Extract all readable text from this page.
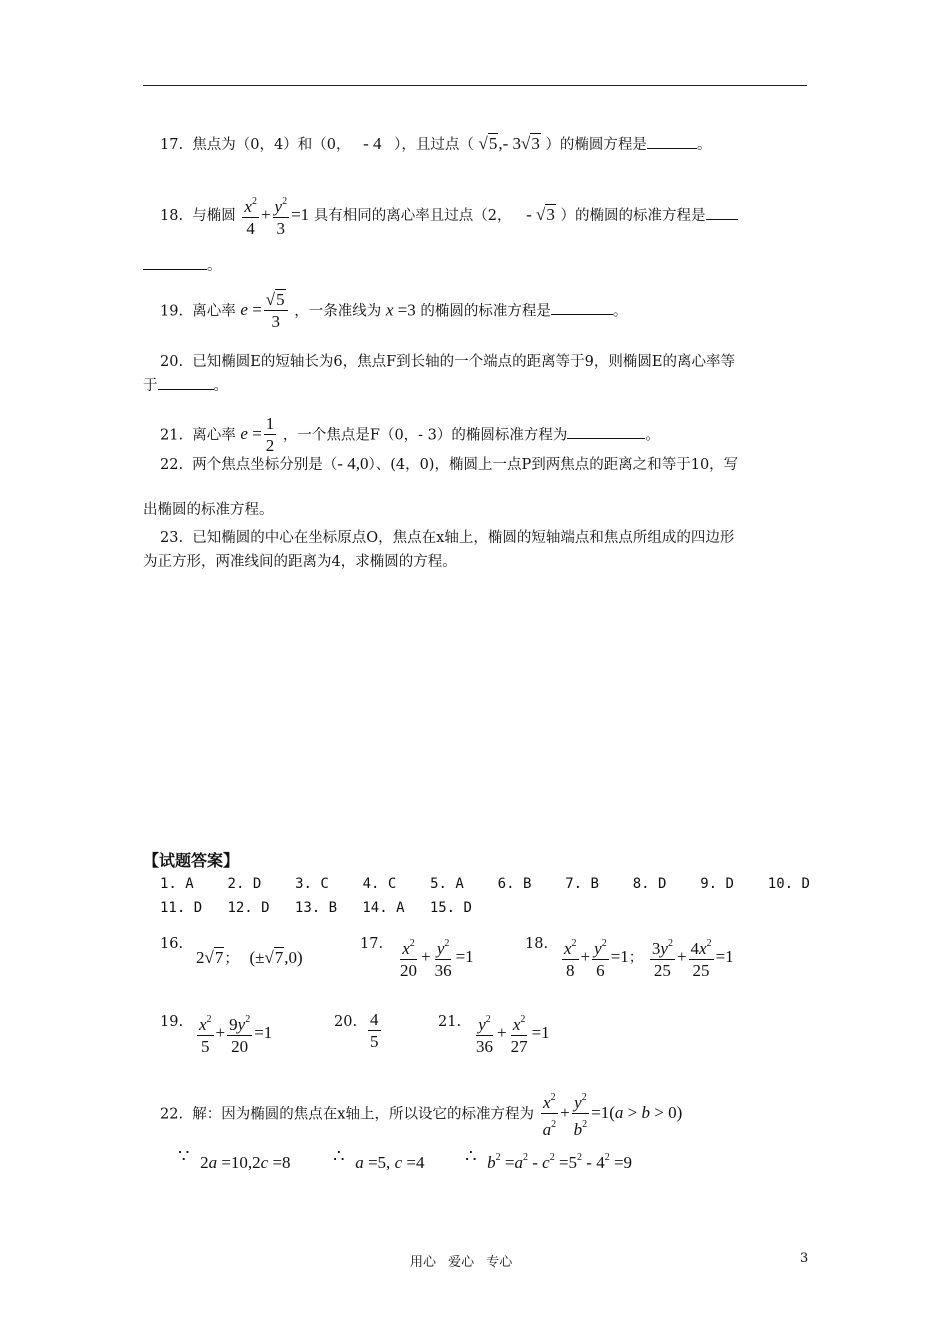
17. 焦点为（0，4）和（0， - 4 ），且过点（ √5,- 3√3 ）的椭圆方程是	。
18. 与椭圆 $\frac{x^2}{4} + \frac{y^2}{3} =1$ 具有相同的离心率且过点（2， - √3 ）的椭圆的标准方程是
。
19. 离心率 $e = \frac{√5}{3}$ ，一条准线为 x =3 的椭圆的标准方程是	。
20. 已知椭圆E的短轴长为6，焦点F到长轴的一个端点的距离等于9，则椭圆E的离心率等
于	。
21. 离心率 $e = \frac{1}{2}$ ，一个焦点是F（0，- 3）的椭圆标准方程为	。
22. 两个焦点坐标分别是（- 4,0）、(4，0)，椭圆上一点P到两焦点的距离之和等于10，写
出椭圆的标准方程。
23. 已知椭圆的中心在坐标原点O，焦点在x轴上，椭圆的短轴端点和焦点所组成的四边形
为正方形，两准线间的距离为4，求椭圆的方程。
【试题答案】
1. A 2. D 3. C 4. C 5. A 6. B 7. B 8. D 9. D 10. D
11. D 12. D 13. B 14. A 15. D
16.
2√7； (±√7,0)
17. $\frac{x^2}{20} + \frac{y^2}{36} =1$
18. $\frac{x^2}{8} + \frac{y^2}{6} =1$； $\frac{3y^2}{25} + \frac{4x^2}{25} =1$
19. $\frac{x^2}{5} + \frac{9y^2}{20} =1$
20. $\frac{4}{5}$	21. $\frac{y^2}{36} + \frac{x^2}{27} =1$
22. 解：因为椭圆的焦点在x轴上，所以设它的标准方程为 $\frac{x^2}{a^2} + \frac{y^2}{b^2} =1(a > b > 0)$
∵ 2a =10,2c =8 ∴ a =5, c =4 ∴ $b^2 =a^2 - c^2 =5^2 - 4^2 =9$
用心 爱心 专心	3
